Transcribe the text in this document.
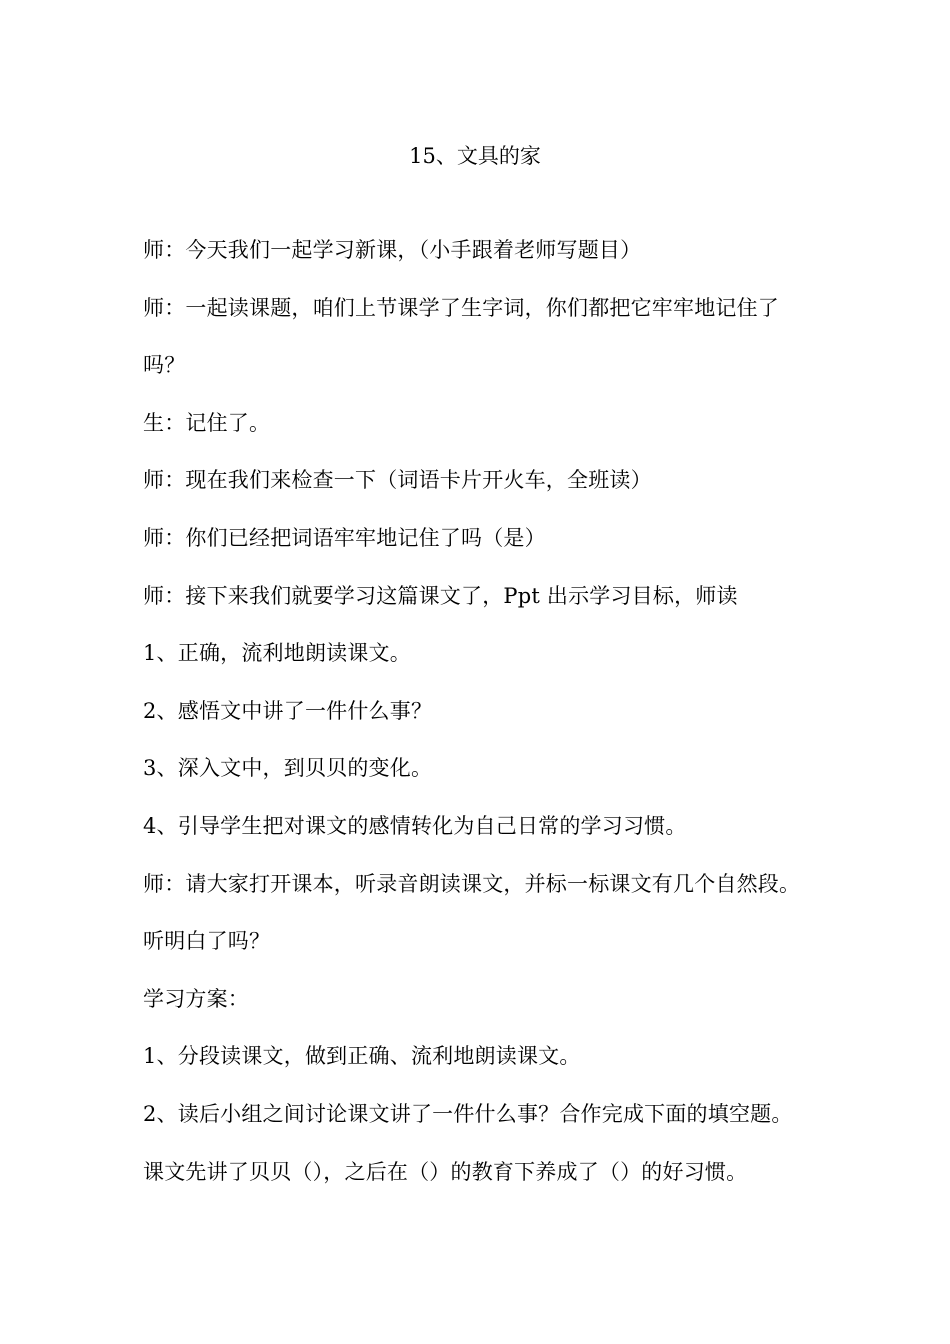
15、文具的家
师：今天我们一起学习新课，（小手跟着老师写题目）
师：一起读课题，咱们上节课学了生字词，你们都把它牢牢地记住了
吗？
生：记住了。
师：现在我们来检查一下（词语卡片开火车，全班读）
师：你们已经把词语牢牢地记住了吗（是）
师：接下来我们就要学习这篇课文了，Ppt 出示学习目标，师读
1、正确，流利地朗读课文。
2、感悟文中讲了一件什么事？
3、深入文中，到贝贝的变化。
4、引导学生把对课文的感情转化为自己日常的学习习惯。
师：请大家打开课本，听录音朗读课文，并标一标课文有几个自然段。
听明白了吗？
学习方案：
1、分段读课文，做到正确、流利地朗读课文。
2、读后小组之间讨论课文讲了一件什么事？合作完成下面的填空题。
课文先讲了贝贝（），之后在（）的教育下养成了（）的好习惯。
